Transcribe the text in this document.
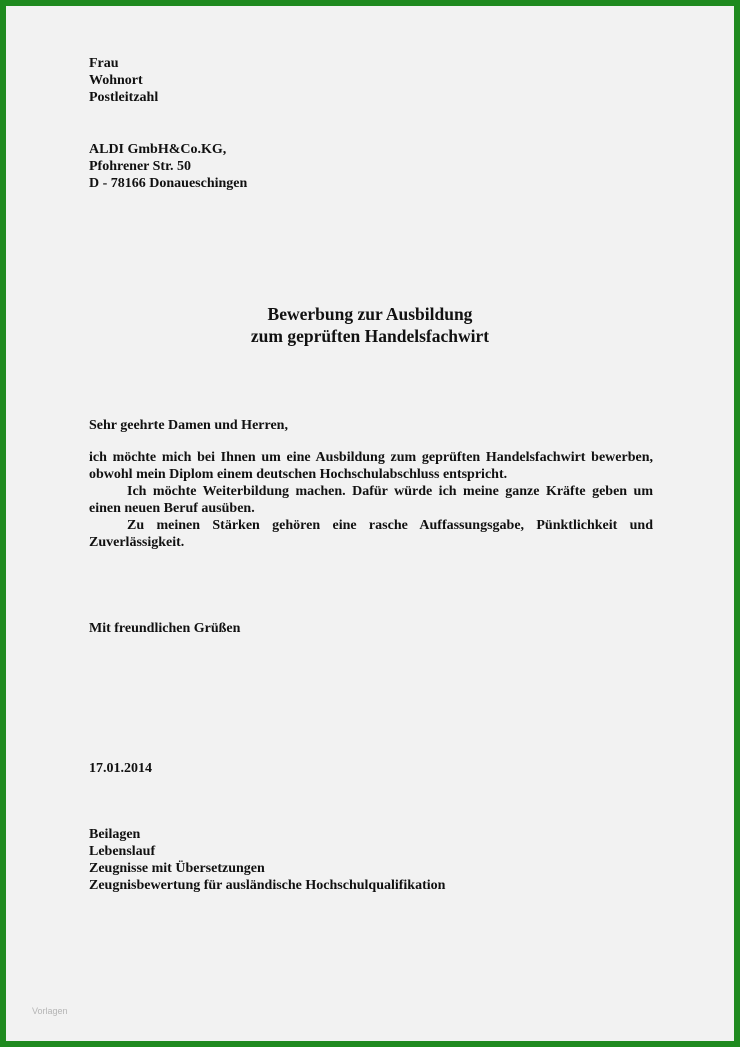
Frau
Wohnort
Postleitzahl
ALDI GmbH&Co.KG,
Pfohrener Str. 50
D - 78166 Donaueschingen
Bewerbung zur Ausbildung
zum geprüften Handelsfachwirt
Sehr geehrte Damen und Herren,

ich möchte mich bei Ihnen um eine Ausbildung zum geprüften Handelsfachwirt bewerben, obwohl mein Diplom einem deutschen Hochschulabschluss entspricht.

Ich möchte Weiterbildung machen. Dafür würde ich meine ganze Kräfte geben um einen neuen Beruf ausüben.

Zu meinen Stärken gehören eine rasche Auffassungsgabe, Pünktlichkeit und Zuverlässigkeit.

Mit freundlichen Grüßen
17.01.2014
Beilagen
Lebenslauf
Zeugnisse mit Übersetzungen
Zeugnisbewertung für ausländische Hochschulqualifikation
Vorlagen
